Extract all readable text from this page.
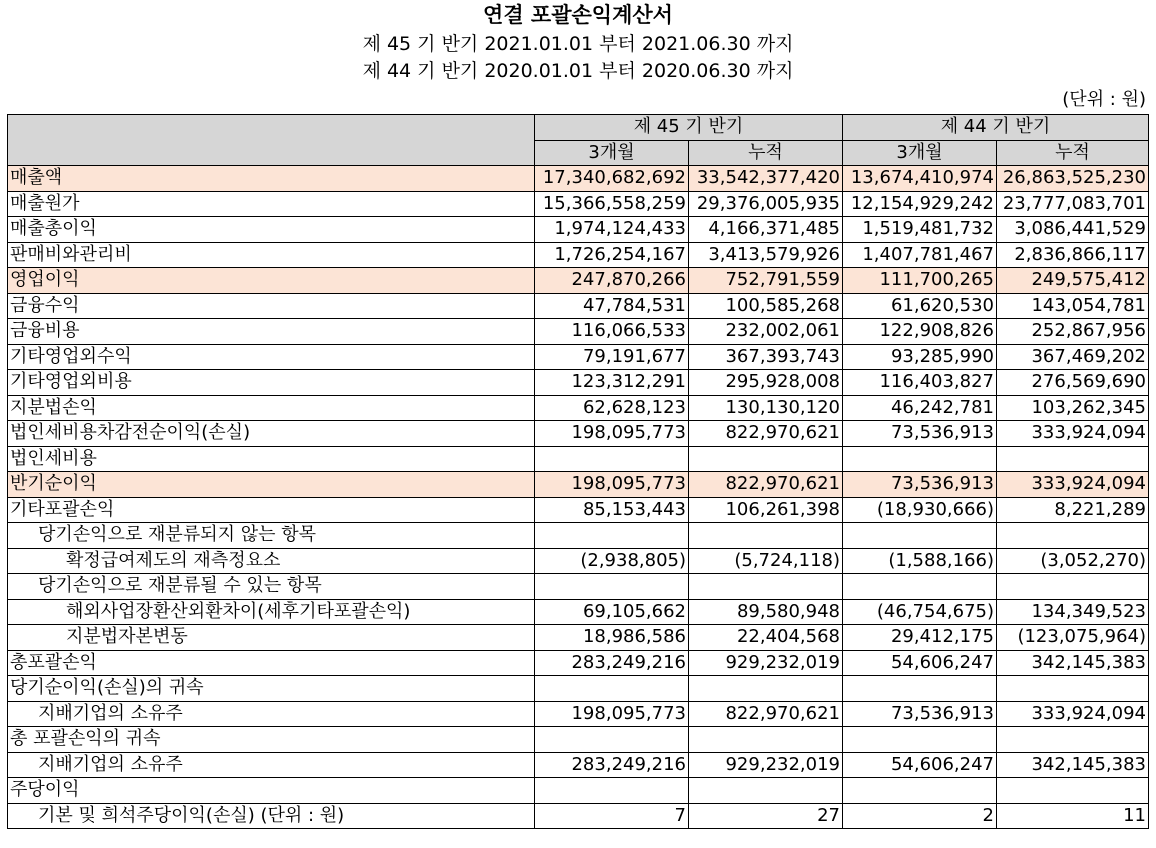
연결 포괄손익계산서
제 45 기 반기 2021.01.01 부터 2021.06.30 까지
제 44 기 반기 2020.01.01 부터 2020.06.30 까지
(단위 : 원)
	제 45 기 반기		제 44 기 반기	
	3개월	누적	3개월	누적
매출액	17,340,682,692	33,542,377,420	13,674,410,974	26,863,525,230
매출원가	15,366,558,259	29,376,005,935	12,154,929,242	23,777,083,701
매출총이익	1,974,124,433	4,166,371,485	1,519,481,732	3,086,441,529
판매비와관리비	1,726,254,167	3,413,579,926	1,407,781,467	2,836,866,117
영업이익	247,870,266	752,791,559	111,700,265	249,575,412
금융수익	47,784,531	100,585,268	61,620,530	143,054,781
금융비용	116,066,533	232,002,061	122,908,826	252,867,956
기타영업외수익	79,191,677	367,393,743	93,285,990	367,469,202
기타영업외비용	123,312,291	295,928,008	116,403,827	276,569,690
지분법손익	62,628,123	130,130,120	46,242,781	103,262,345
법인세비용차감전순이익(손실)	198,095,773	822,970,621	73,536,913	333,924,094
법인세비용				
반기순이익	198,095,773	822,970,621	73,536,913	333,924,094
기타포괄손익	85,153,443	106,261,398	(18,930,666)	8,221,289
당기손익으로 재분류되지 않는 항목				
확정급여제도의 재측정요소	(2,938,805)	(5,724,118)	(1,588,166)	(3,052,270)
당기손익으로 재분류될 수 있는 항목				
해외사업장환산외환차이(세후기타포괄손익)	69,105,662	89,580,948	(46,754,675)	134,349,523
지분법자본변동	18,986,586	22,404,568	29,412,175	(123,075,964)
총포괄손익	283,249,216	929,232,019	54,606,247	342,145,383
당기순이익(손실)의 귀속				
지배기업의 소유주	198,095,773	822,970,621	73,536,913	333,924,094
총 포괄손익의 귀속				
지배기업의 소유주	283,249,216	929,232,019	54,606,247	342,145,383
주당이익				
기본 및 희석주당이익(손실) (단위 : 원)	7	27	2	11
